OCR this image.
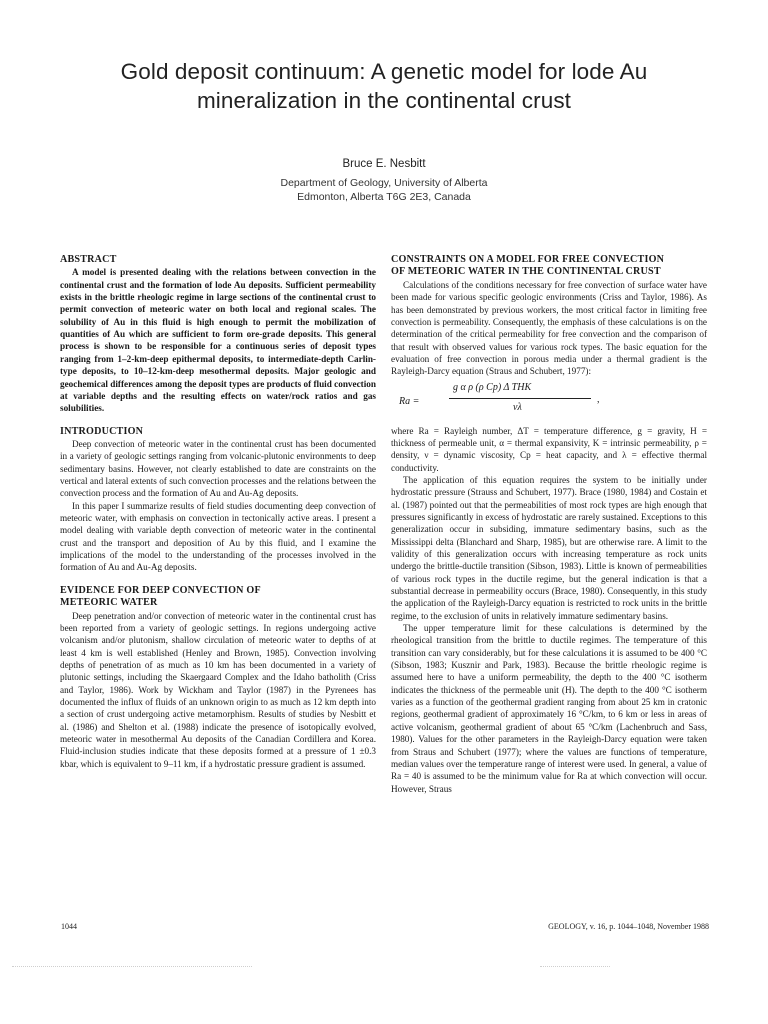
Gold deposit continuum: A genetic model for lode Au
mineralization in the continental crust
Bruce E. Nesbitt
Department of Geology, University of Alberta
Edmonton, Alberta T6G 2E3, Canada

ABSTRACT

A model is presented dealing with the relations between convection in the continental crust and the formation of lode Au deposits. Sufficient permeability exists in the brittle rheologic regime in large sections of the continental crust to permit convection of meteoric water on both local and regional scales. The solubility of Au in this fluid is high enough to permit the mobilization of quantities of Au which are sufficient to form ore-grade deposits. This general process is shown to be responsible for a continuous series of deposit types ranging from 1–2-km-deep epithermal deposits, to intermediate-depth Carlin-type deposits, to 10–12-km-deep mesothermal deposits. Major geologic and geochemical differences among the deposit types are products of fluid convection at variable depths and the resulting effects on water/rock ratios and gas solubilities.

INTRODUCTION

Deep convection of meteoric water in the continental crust has been documented in a variety of geologic settings ranging from volcanic-plutonic environments to deep sedimentary basins. However, not clearly established to date are constraints on the vertical and lateral extents of such convection processes and the relations between the convection process and the formation of Au and Au-Ag deposits.

In this paper I summarize results of field studies documenting deep convection of meteoric water, with emphasis on convection in tectonically active areas. I present a model dealing with variable depth convection of meteoric water in the continental crust and the transport and deposition of Au by this fluid, and I examine the implications of the model to the understanding of the processes involved in the formation of Au and Au-Ag deposits.

EVIDENCE FOR DEEP CONVECTION OF
METEORIC WATER

Deep penetration and/or convection of meteoric water in the continental crust has been reported from a variety of geologic settings. In regions undergoing active volcanism and/or plutonism, shallow circulation of meteoric water to depths of at least 4 km is well established (Henley and Brown, 1985). Convection involving depths of penetration of as much as 10 km has been documented in a variety of plutonic settings, including the Skaergaard Complex and the Idaho batholith (Criss and Taylor, 1986). Work by Wickham and Taylor (1987) in the Pyrenees has documented the influx of fluids of an unknown origin to as much as 12 km depth into a section of crust undergoing active metamorphism. Results of studies by Nesbitt et al. (1986) and Shelton et al. (1988) indicate the presence of isotopically evolved, meteoric water in mesothermal Au deposits of the Canadian Cordillera and Korea. Fluid-inclusion studies indicate that these deposits formed at a pressure of 1 ±0.3 kbar, which is equivalent to 9–11 km, if a hydrostatic pressure gradient is assumed.

CONSTRAINTS ON A MODEL FOR FREE CONVECTION
OF METEORIC WATER IN THE CONTINENTAL CRUST

Calculations of the conditions necessary for free convection of surface water have been made for various specific geologic environments (Criss and Taylor, 1986). As has been demonstrated by previous workers, the most critical factor in limiting free convection is permeability. Consequently, the emphasis of these calculations is on the determination of the critical permeability for free convection and the comparison of that result with observed values for various rock types. The basic equation for the evaluation of free convection in porous media under a thermal gradient is the Rayleigh-Darcy equation (Straus and Schubert, 1977):

Ra =
g α ρ (ρ Cp) Δ THK
νλ
,

where Ra = Rayleigh number, ΔT = temperature difference, g = gravity, H = thickness of permeable unit, α = thermal expansivity, K = intrinsic permeability, ρ = density, ν = dynamic viscosity, Cp = heat capacity, and λ = effective thermal conductivity.

The application of this equation requires the system to be initially under hydrostatic pressure (Strauss and Schubert, 1977). Brace (1980, 1984) and Costain et al. (1987) pointed out that the permeabilities of most rock types are high enough that pressures significantly in excess of hydrostatic are rarely sustained. Exceptions to this generalization occur in subsiding, immature sedimentary basins, such as the Mississippi delta (Blanchard and Sharp, 1985), but are otherwise rare. A limit to the validity of this generalization occurs with increasing temperature as rock units undergo the brittle-ductile transition (Sibson, 1983). Little is known of permeabilities of various rock types in the ductile regime, but the general indication is that a substantial decrease in permeability occurs (Brace, 1980). Consequently, in this study the application of the Rayleigh-Darcy equation is restricted to rock units in the brittle regime, to the exclusion of units in relatively immature sedimentary basins.

The upper temperature limit for these calculations is determined by the rheological transition from the brittle to ductile regimes. The temperature of this transition can vary considerably, but for these calculations it is assumed to be 400 °C (Sibson, 1983; Kusznir and Park, 1983). Because the brittle rheologic regime is assumed here to have a uniform permeability, the depth to the 400 °C isotherm indicates the thickness of the permeable unit (H). The depth to the 400 °C isotherm varies as a function of the geothermal gradient ranging from about 25 km in cratonic regions, geothermal gradient of approximately 16 °C/km, to 6 km or less in areas of active volcanism, geothermal gradient of about 65 °C/km (Lachenbruch and Sass, 1980). Values for the other parameters in the Rayleigh-Darcy equation were taken from Straus and Schubert (1977); where the values are functions of temperature, median values over the temperature range of interest were used. In general, a value of Ra = 40 is assumed to be the minimum value for Ra at which convection will occur. However, Straus

1044	GEOLOGY, v. 16, p. 1044–1048, November 1988
